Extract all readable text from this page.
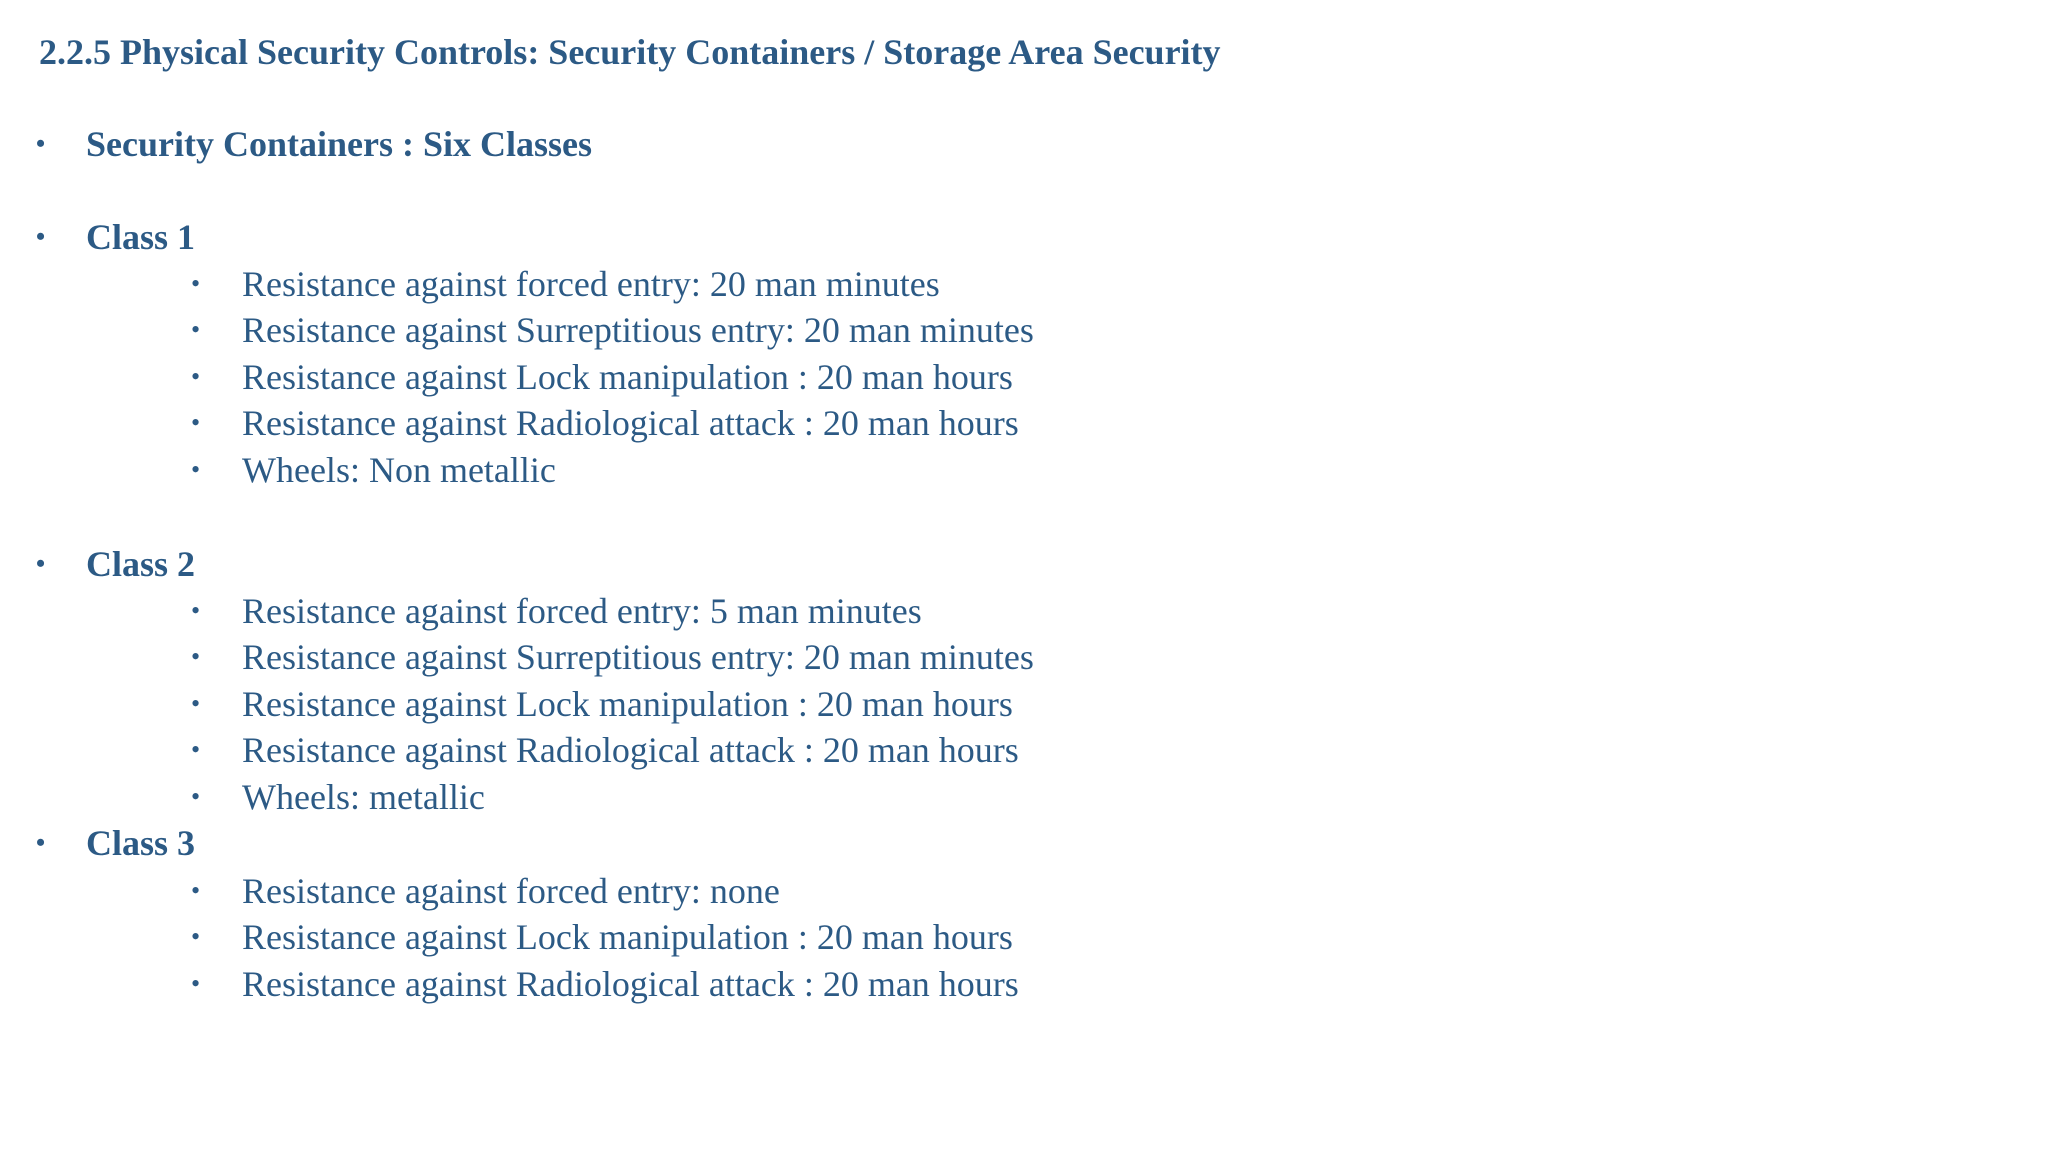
2.2.5 Physical Security Controls: Security Containers / Storage Area Security
• Security Containers : Six Classes
• Class 1
• Resistance against forced entry: 20 man minutes
• Resistance against Surreptitious entry: 20 man minutes
• Resistance against Lock manipulation : 20 man hours
• Resistance against Radiological attack : 20 man hours
• Wheels: Non metallic
• Class 2
• Resistance against forced entry: 5 man minutes
• Resistance against Surreptitious entry: 20 man minutes
• Resistance against Lock manipulation : 20 man hours
• Resistance against Radiological attack : 20 man hours
• Wheels: metallic
• Class 3
• Resistance against forced entry: none
• Resistance against Lock manipulation : 20 man hours
• Resistance against Radiological attack : 20 man hours
